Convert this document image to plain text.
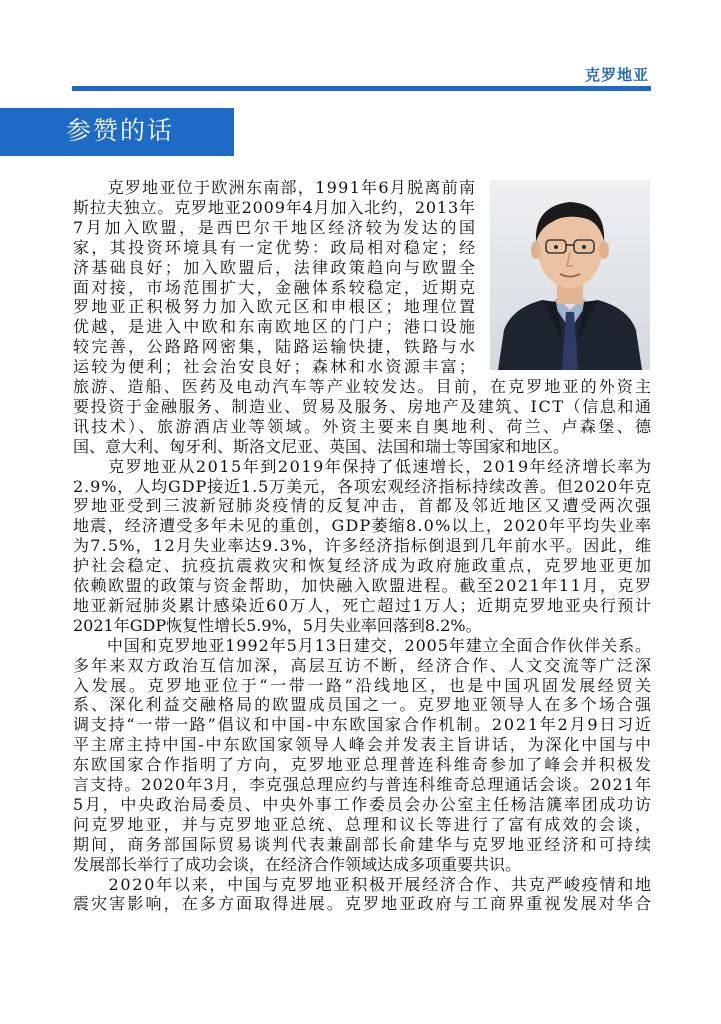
克罗地亚
参赞的话
　　克罗地亚位于欧洲东南部，1991年6月脱离前南
斯拉夫独立。克罗地亚2009年4月加入北约，2013年
7月加入欧盟，是西巴尔干地区经济较为发达的国
家，其投资环境具有一定优势：政局相对稳定；经
济基础良好；加入欧盟后，法律政策趋向与欧盟全
面对接，市场范围扩大，金融体系较稳定，近期克
罗地亚正积极努力加入欧元区和申根区；地理位置
优越，是进入中欧和东南欧地区的门户；港口设施
较完善，公路路网密集，陆路运输快捷，铁路与水
运较为便利；社会治安良好；森林和水资源丰富；
旅游、造船、医药及电动汽车等产业较发达。目前，在克罗地亚的外资主
要投资于金融服务、制造业、贸易及服务、房地产及建筑、ICT（信息和通
讯技术）、旅游酒店业等领域。外资主要来自奥地利、荷兰、卢森堡、德
国、意大利、匈牙利、斯洛文尼亚、英国、法国和瑞士等国家和地区。
　　克罗地亚从2015年到2019年保持了低速增长，2019年经济增长率为
2.9%，人均GDP接近1.5万美元，各项宏观经济指标持续改善。但2020年克
罗地亚受到三波新冠肺炎疫情的反复冲击，首都及邻近地区又遭受两次强
地震，经济遭受多年未见的重创，GDP萎缩8.0%以上，2020年平均失业率
为7.5%，12月失业率达9.3%，许多经济指标倒退到几年前水平。因此，维
护社会稳定、抗疫抗震救灾和恢复经济成为政府施政重点，克罗地亚更加
依赖欧盟的政策与资金帮助，加快融入欧盟进程。截至2021年11月，克罗
地亚新冠肺炎累计感染近60万人，死亡超过1万人；近期克罗地亚央行预计
2021年GDP恢复性增长5.9%，5月失业率回落到8.2%。
　　中国和克罗地亚1992年5月13日建交，2005年建立全面合作伙伴关系。
多年来双方政治互信加深，高层互访不断，经济合作、人文交流等广泛深
入发展。克罗地亚位于“一带一路”沿线地区，也是中国巩固发展经贸关
系、深化利益交融格局的欧盟成员国之一。克罗地亚领导人在多个场合强
调支持“一带一路”倡议和中国-中东欧国家合作机制。2021年2月9日习近
平主席主持中国-中东欧国家领导人峰会并发表主旨讲话，为深化中国与中
东欧国家合作指明了方向，克罗地亚总理普连科维奇参加了峰会并积极发
言支持。2020年3月，李克强总理应约与普连科维奇总理通话会谈。2021年
5月，中央政治局委员、中央外事工作委员会办公室主任杨洁篪率团成功访
问克罗地亚，并与克罗地亚总统、总理和议长等进行了富有成效的会谈，
期间，商务部国际贸易谈判代表兼副部长俞建华与克罗地亚经济和可持续
发展部长举行了成功会谈，在经济合作领域达成多项重要共识。
　　2020年以来，中国与克罗地亚积极开展经济合作、共克严峻疫情和地
震灾害影响，在多方面取得进展。克罗地亚政府与工商界重视发展对华合
